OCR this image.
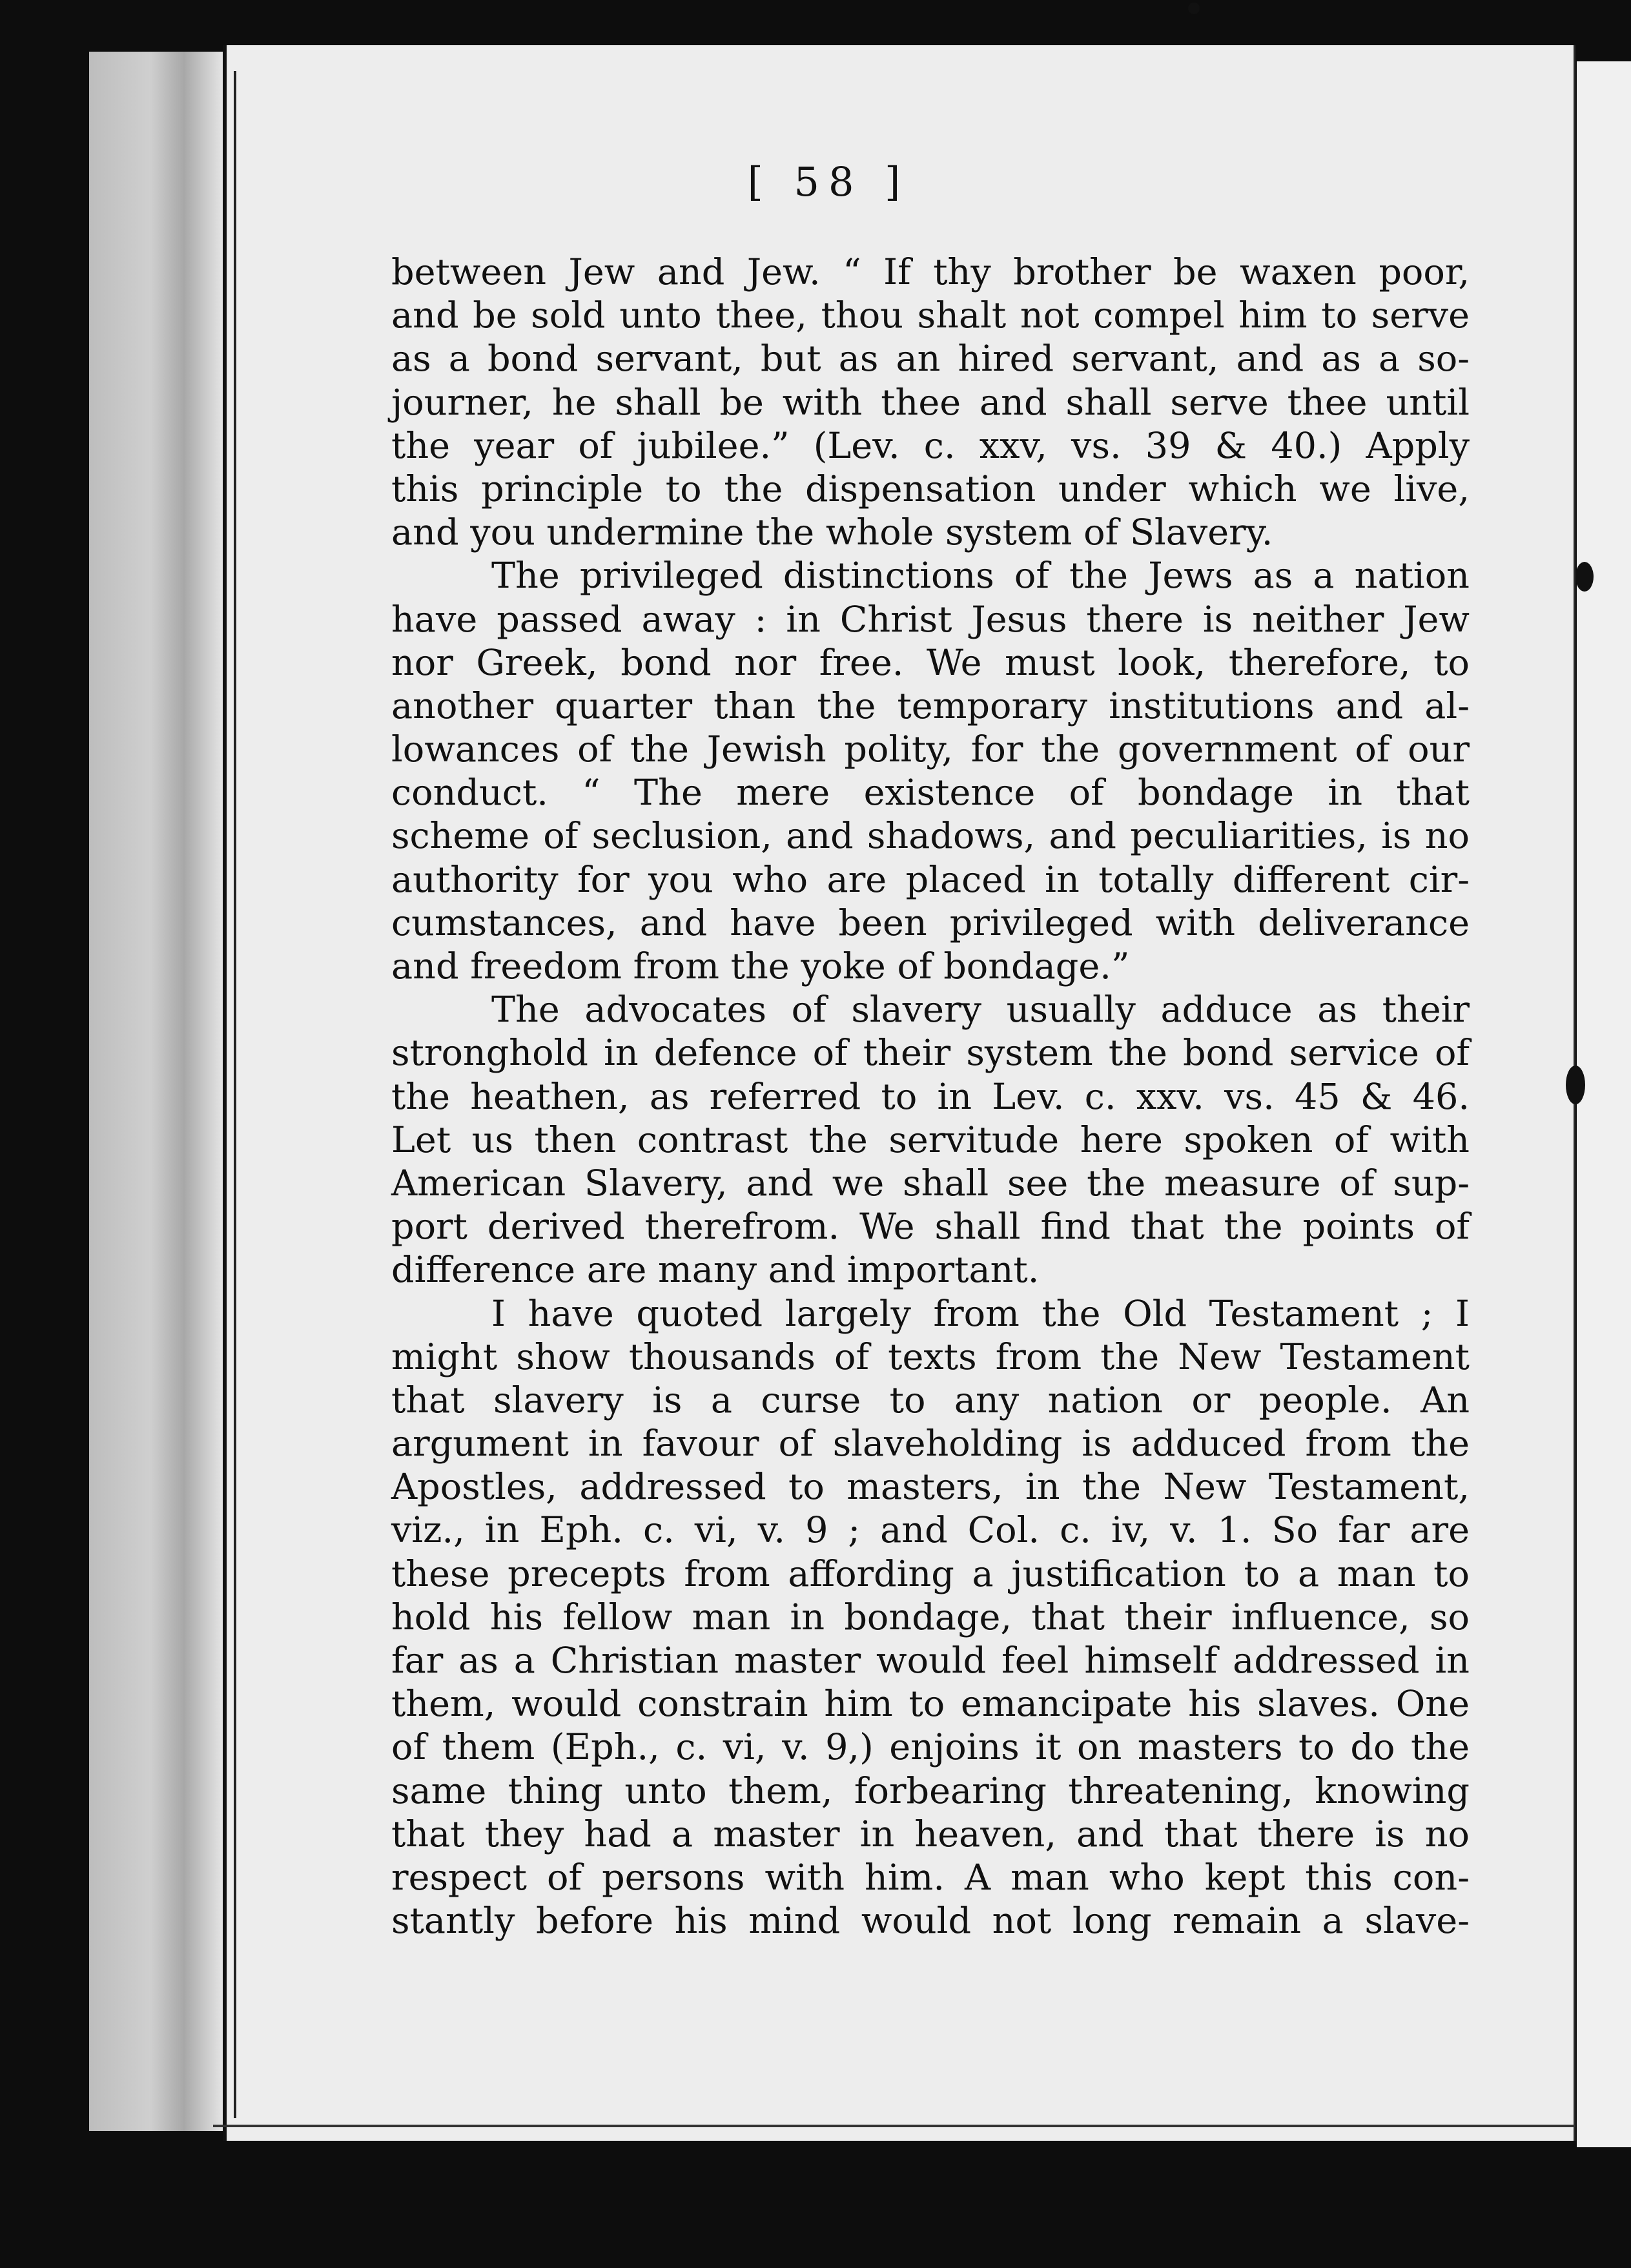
[ 58 ]
between Jew and Jew. “ If thy brother be waxen poor,
and be sold unto thee, thou shalt not compel him to serve
as a bond servant, but as an hired servant, and as a so-
journer, he shall be with thee and shall serve thee until
the year of jubilee.” (Lev. c. xxv, vs. 39 & 40.) Apply
this principle to the dispensation under which we live,
and you undermine the whole system of Slavery.
The privileged distinctions of the Jews as a nation
have passed away : in Christ Jesus there is neither Jew
nor Greek, bond nor free. We must look, therefore, to
another quarter than the temporary institutions and al-
lowances of the Jewish polity, for the government of our
conduct. “ The mere existence of bondage in that
scheme of seclusion, and shadows, and peculiarities, is no
authority for you who are placed in totally different cir-
cumstances, and have been privileged with deliverance
and freedom from the yoke of bondage.”
The advocates of slavery usually adduce as their
stronghold in defence of their system the bond service of
the heathen, as referred to in Lev. c. xxv. vs. 45 & 46.
Let us then contrast the servitude here spoken of with
American Slavery, and we shall see the measure of sup-
port derived therefrom. We shall find that the points of
difference are many and important.
I have quoted largely from the Old Testament ; I
might show thousands of texts from the New Testament
that slavery is a curse to any nation or people. An
argument in favour of slaveholding is adduced from the
Apostles, addressed to masters, in the New Testament,
viz., in Eph. c. vi, v. 9 ; and Col. c. iv, v. 1. So far are
these precepts from affording a justification to a man to
hold his fellow man in bondage, that their influence, so
far as a Christian master would feel himself addressed in
them, would constrain him to emancipate his slaves. One
of them (Eph., c. vi, v. 9,) enjoins it on masters to do the
same thing unto them, forbearing threatening, knowing
that they had a master in heaven, and that there is no
respect of persons with him. A man who kept this con-
stantly before his mind would not long remain a slave-
